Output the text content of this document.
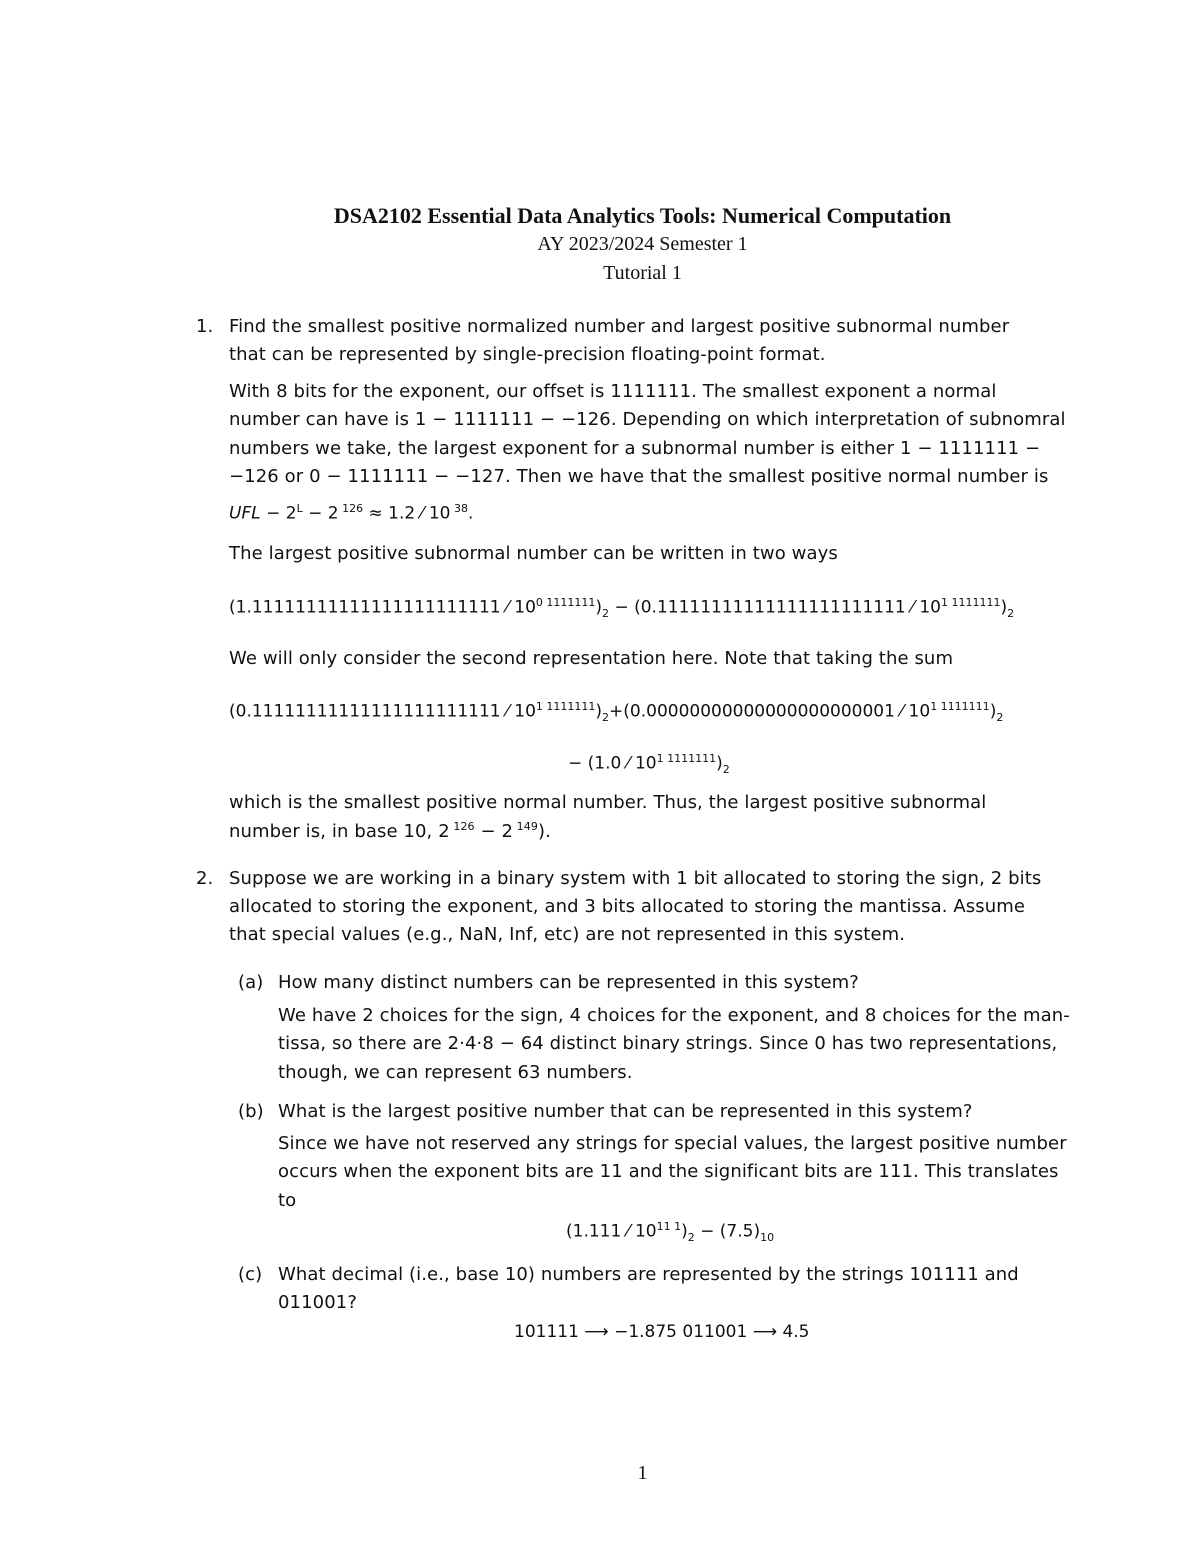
DSA2102 Essential Data Analytics Tools: Numerical Computation
AY 2023/2024 Semester 1
Tutorial 1
1. Find the smallest positive normalized number and largest positive subnormal number
that can be represented by single-precision floating-point format.
With 8 bits for the exponent, our offset is 1111111. The smallest exponent a normal
number can have is 1 − 1111111 − −126. Depending on which interpretation of subnomral
numbers we take, the largest exponent for a subnormal number is either 1 − 1111111 −
−126 or 0 − 1111111 − −127. Then we have that the smallest positive normal number is
UFL − $2^L - 2$ $^{126}$ ≈ 1.2 ⁄ 10 $^{38}$.
The largest positive subnormal number can be written in two ways
(1.11111111111111111111111 ⁄ $10^{0 1111111})_2 - (0.11111111111111111111111$ ⁄ $10^{1 1111111})_2$
We will only consider the second representation here. Note that taking the sum
(0.11111111111111111111111 ⁄ $10^{1 1111111})_2+(0.00000000000000000000001$ ⁄ $10^{1 1111111})_2$
− (1.0 ⁄ $10^{1 1111111})_2$
which is the smallest positive normal number. Thus, the largest positive subnormal
number is, in base 10, 2 $^{126}$ − 2 $^{149}$).
2. Suppose we are working in a binary system with 1 bit allocated to storing the sign, 2 bits
allocated to storing the exponent, and 3 bits allocated to storing the mantissa. Assume
that special values (e.g., NaN, Inf, etc) are not represented in this system.
(a) How many distinct numbers can be represented in this system?
We have 2 choices for the sign, 4 choices for the exponent, and 8 choices for the man-
tissa, so there are 2·4·8 − 64 distinct binary strings. Since 0 has two representations,
though, we can represent 63 numbers.
(b) What is the largest positive number that can be represented in this system?
Since we have not reserved any strings for special values, the largest positive number
occurs when the exponent bits are 11 and the significant bits are 111. This translates
to
(1.111 ⁄ $10^{11 1})_2 - (7.5)_{10}$
(c) What decimal (i.e., base 10) numbers are represented by the strings 101111 and
011001?
101111 ⟶ −1.875 011001 ⟶ 4.5
1
